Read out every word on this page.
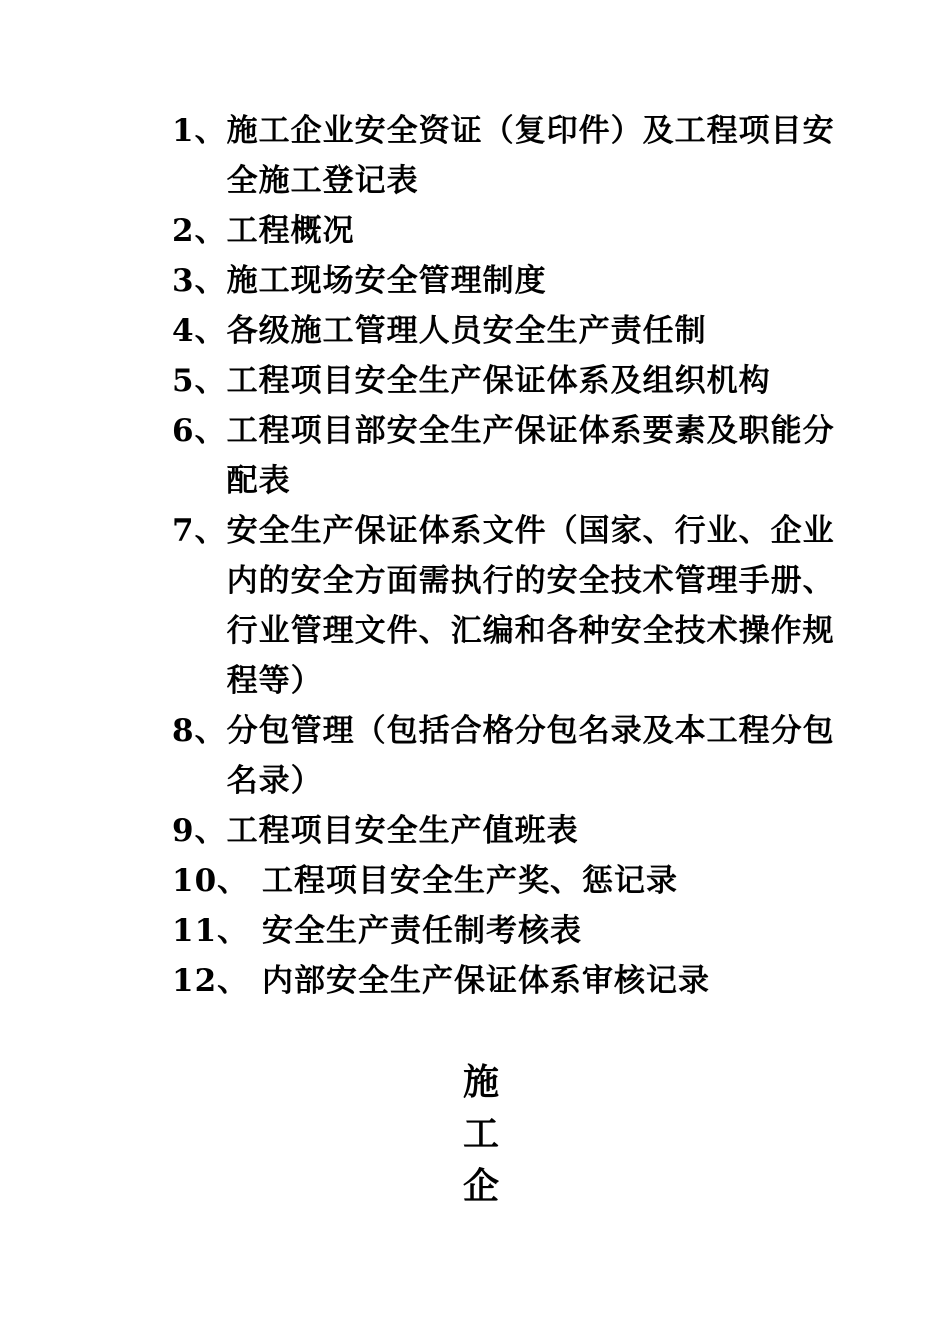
1、 施工企业安全资证（复印件）及工程项目安全施工登记表
2、 工程概况
3、 施工现场安全管理制度
4、 各级施工管理人员安全生产责任制
5、 工程项目安全生产保证体系及组织机构
6、 工程项目部安全生产保证体系要素及职能分配表
7、 安全生产保证体系文件（国家、行业、企业内的安全方面需执行的安全技术管理手册、行业管理文件、汇编和各种安全技术操作规程等）
8、 分包管理（包括合格分包名录及本工程分包名录）
9、 工程项目安全生产值班表
10、 工程项目安全生产奖、惩记录
11、 安全生产责任制考核表
12、 内部安全生产保证体系审核记录
施
工
企
